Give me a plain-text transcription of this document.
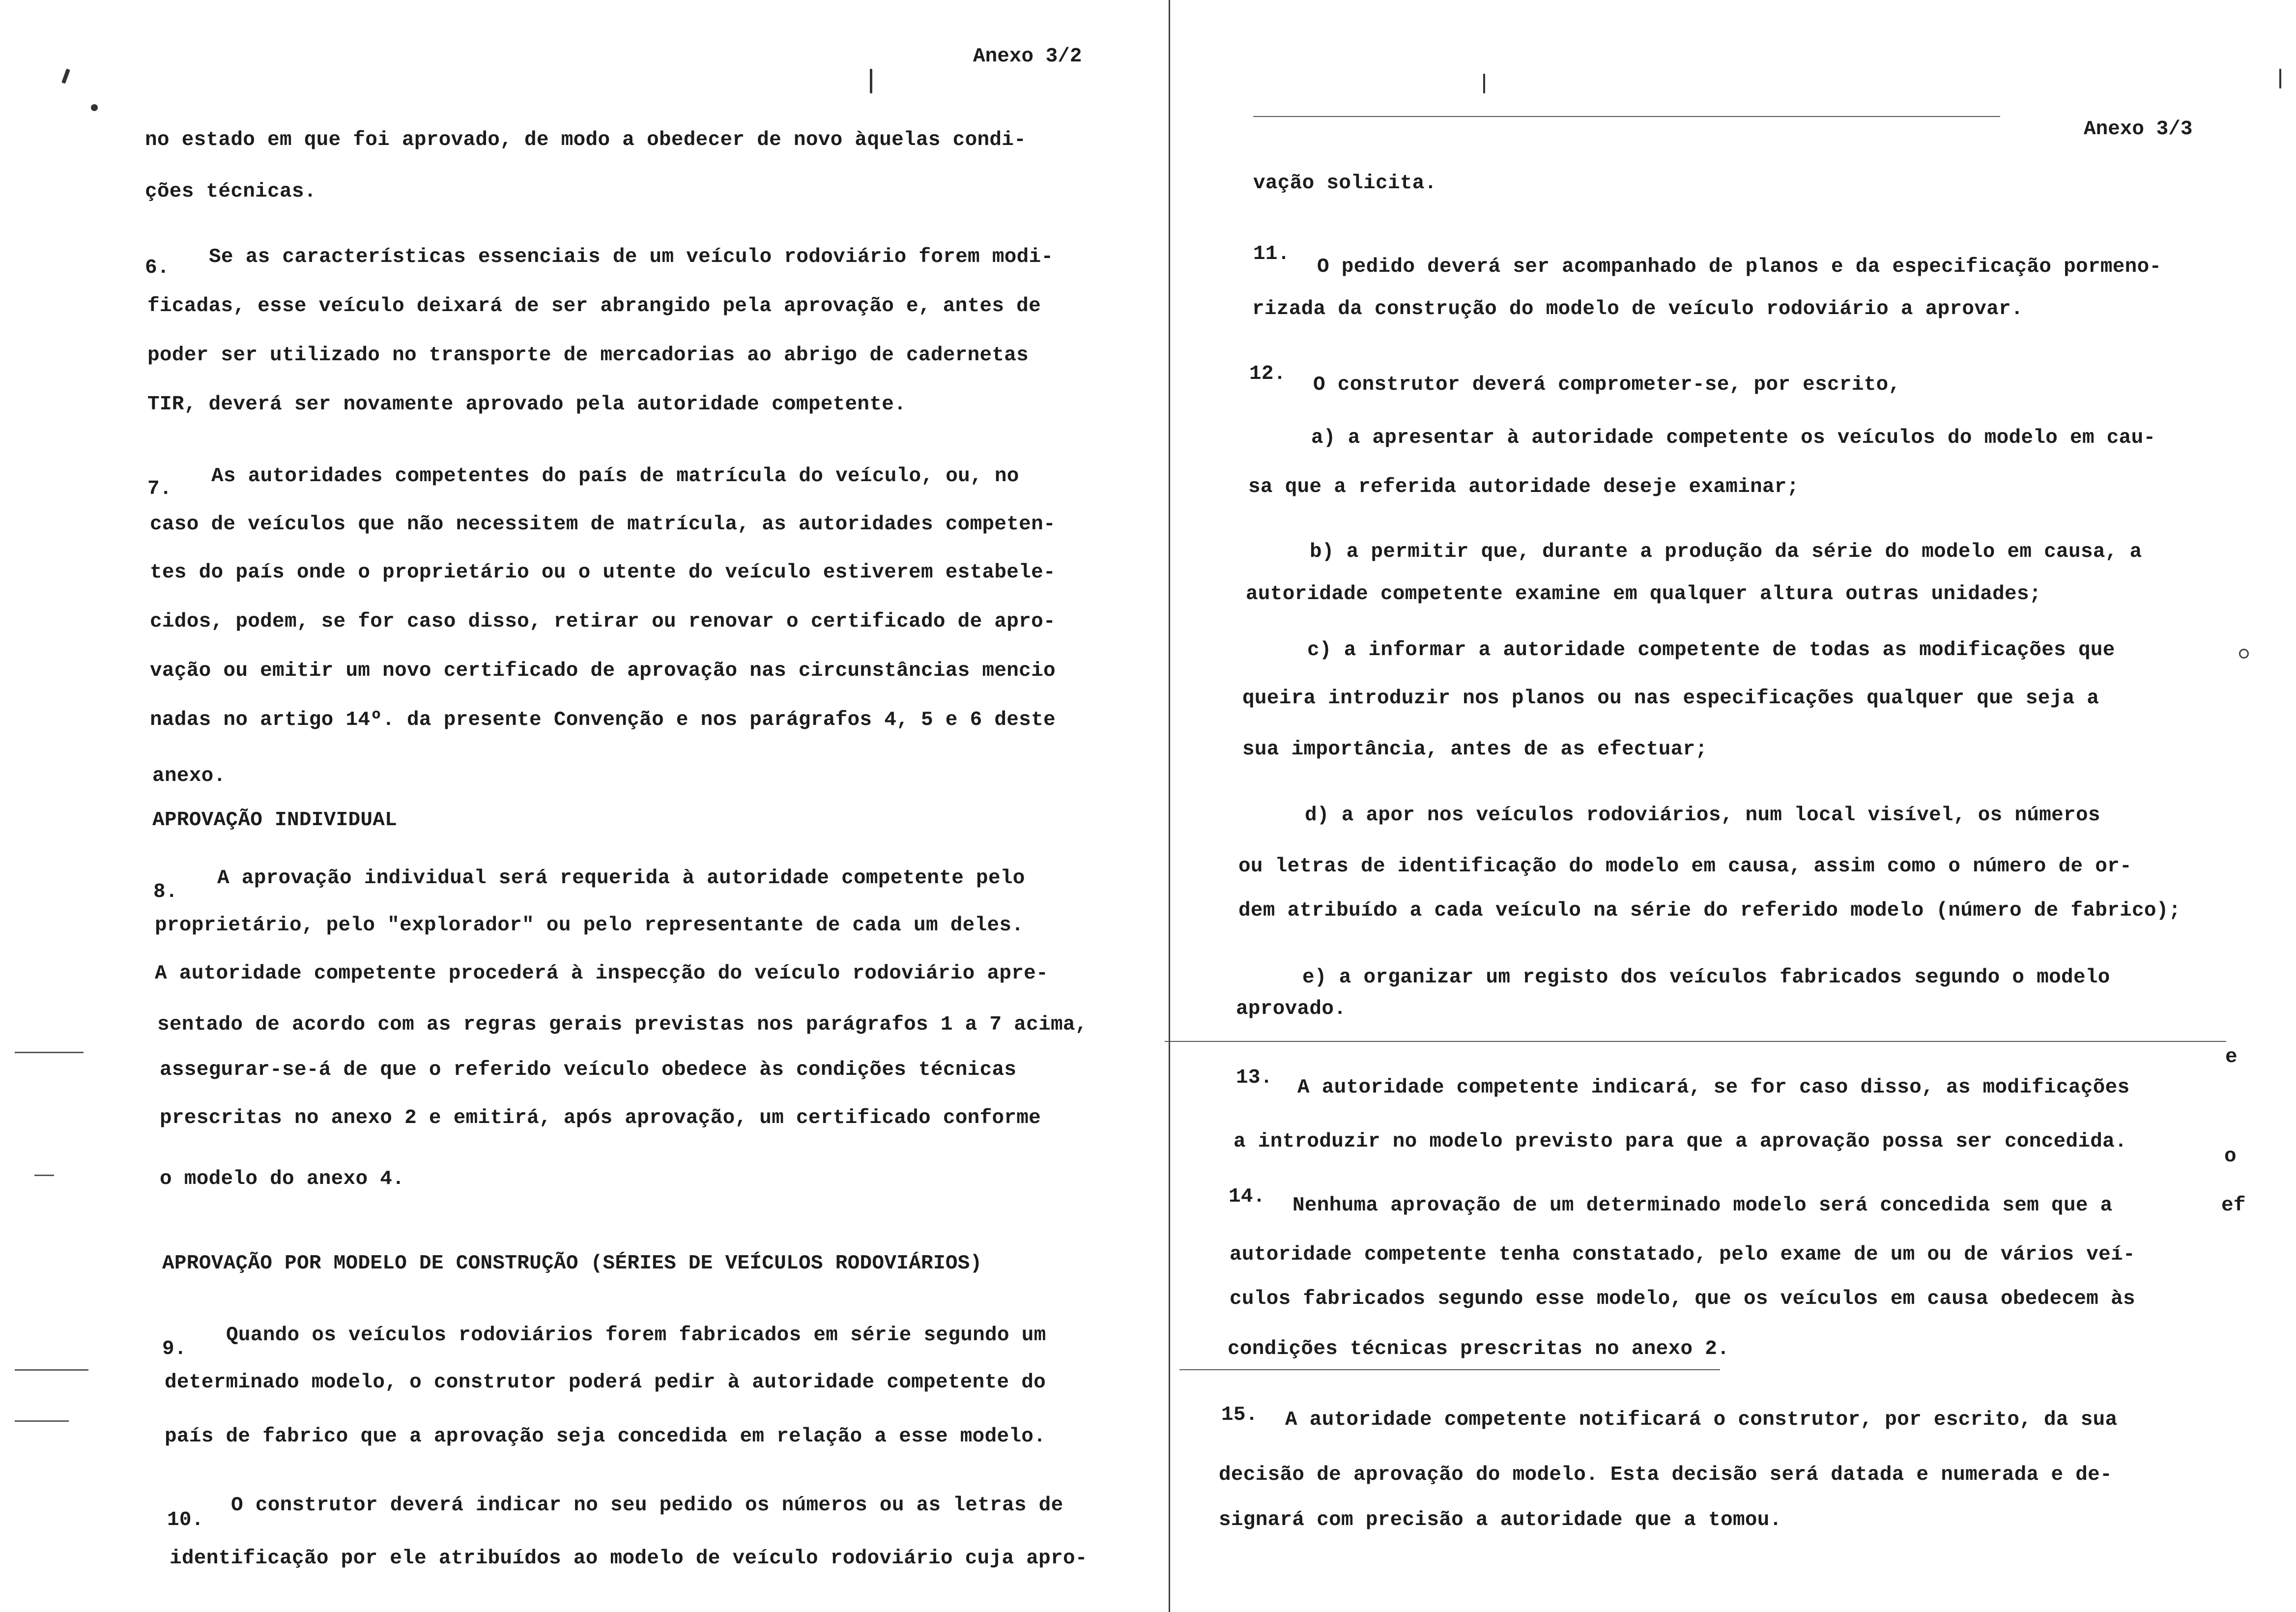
Anexo 3/2
no estado em que foi aprovado, de modo a obedecer de novo àquelas condi-
ções técnicas.
6. Se as características essenciais de um veículo rodoviário forem modi-
ficadas, esse veículo deixará de ser abrangido pela aprovação e, antes de
poder ser utilizado no transporte de mercadorias ao abrigo de cadernetas
TIR, deverá ser novamente aprovado pela autoridade competente.
7.
As autoridades competentes do país de matrícula do veículo, ou, no
caso de veículos que não necessitem de matrícula, as autoridades competen-
tes do país onde o proprietário ou o utente do veículo estiverem estabele-
cidos, podem, se for caso disso, retirar ou renovar o certificado de apro-
vação ou emitir um novo certificado de aprovação nas circunstâncias mencio
nadas no artigo 14º. da presente Convenção e nos parágrafos 4, 5 e 6 deste
anexo.
APROVAÇÃO INDIVIDUAL
8.
A aprovação individual será requerida à autoridade competente pelo
proprietário, pelo "explorador" ou pelo representante de cada um deles.
A autoridade competente procederá à inspecção do veículo rodoviário apre-
sentado de acordo com as regras gerais previstas nos parágrafos 1 a 7 acima,
assegurar-se-á de que o referido veículo obedece às condições técnicas
prescritas no anexo 2 e emitirá, após aprovação, um certificado conforme
o modelo do anexo 4.
APROVAÇÃO POR MODELO DE CONSTRUÇÃO (SÉRIES DE VEÍCULOS RODOVIÁRIOS)
9.
Quando os veículos rodoviários forem fabricados em série segundo um
determinado modelo, o construtor poderá pedir à autoridade competente do
país de fabrico que a aprovação seja concedida em relação a esse modelo.
10.
O construtor deverá indicar no seu pedido os números ou as letras de
identificação por ele atribuídos ao modelo de veículo rodoviário cuja apro-
Anexo 3/3
vação solicita.
11.
O pedido deverá ser acompanhado de planos e da especificação pormeno-
rizada da construção do modelo de veículo rodoviário a aprovar.
12. O construtor deverá comprometer-se, por escrito,
a) a apresentar à autoridade competente os veículos do modelo em cau-
sa que a referida autoridade deseje examinar;
b) a permitir que, durante a produção da série do modelo em causa, a
autoridade competente examine em qualquer altura outras unidades;
c) a informar a autoridade competente de todas as modificações que
queira introduzir nos planos ou nas especificações qualquer que seja a
sua importância, antes de as efectuar;
d) a apor nos veículos rodoviários, num local visível, os números
ou letras de identificação do modelo em causa, assim como o número de or-
dem atribuído a cada veículo na série do referido modelo (número de fabrico);
e) a organizar um registo dos veículos fabricados segundo o modelo
aprovado.
13. A autoridade competente indicará, se for caso disso, as modificações
a introduzir no modelo previsto para que a aprovação possa ser concedida.
14. Nenhuma aprovação de um determinado modelo será concedida sem que a
autoridade competente tenha constatado, pelo exame de um ou de vários veí-
culos fabricados segundo esse modelo, que os veículos em causa obedecem às
condições técnicas prescritas no anexo 2.
15. A autoridade competente notificará o construtor, por escrito, da sua
decisão de aprovação do modelo. Esta decisão será datada e numerada e de-
signará com precisão a autoridade que a tomou.
e
o
ef
